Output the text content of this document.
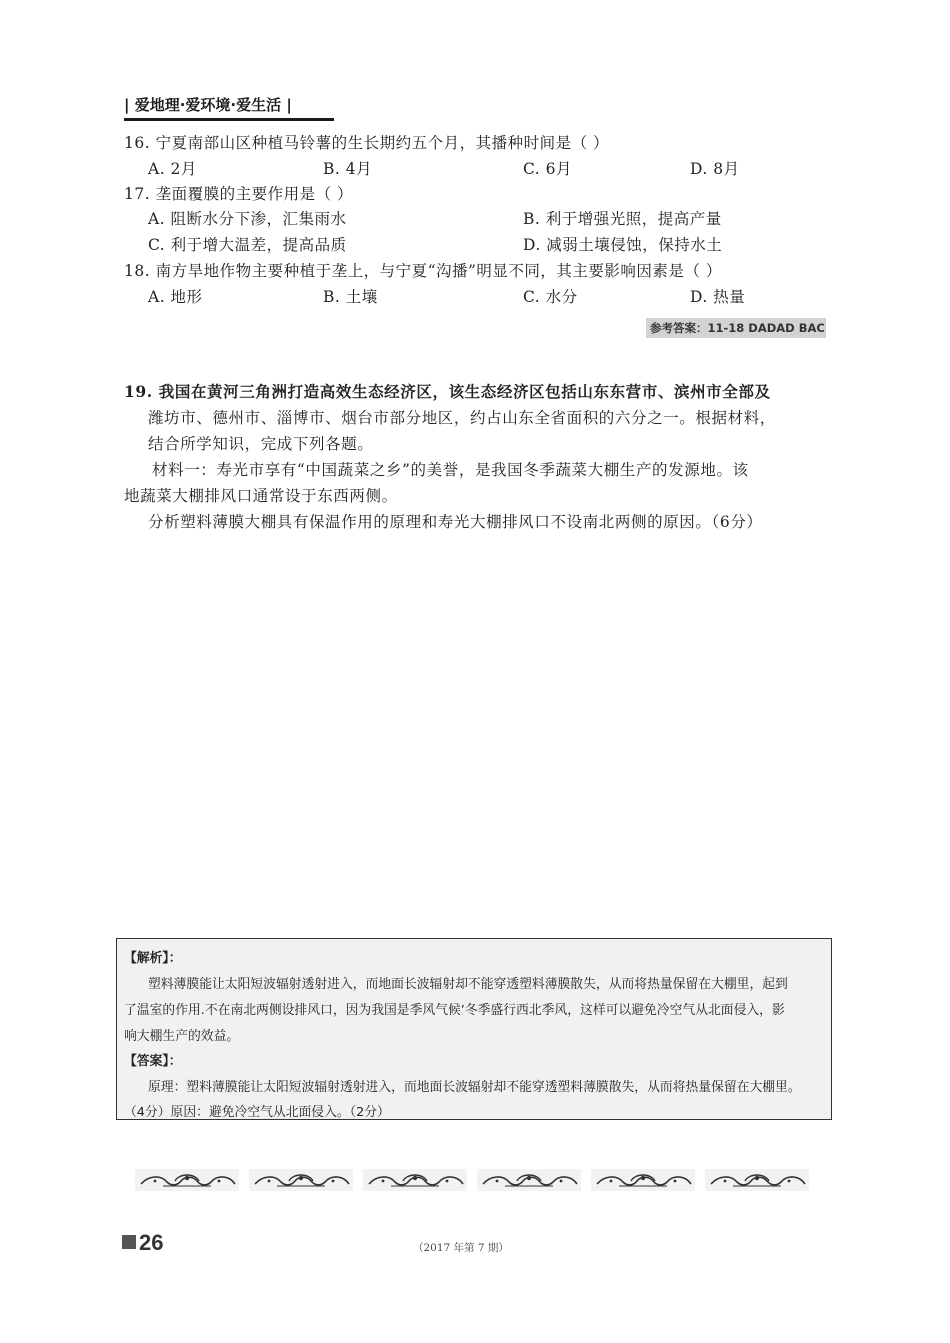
| 爱地理·爱环境·爱生活 |
16. 宁夏南部山区种植马铃薯的生长期约五个月，其播种时间是（ ）
A. 2月	B. 4月	C. 6月	D. 8月
17. 垄面覆膜的主要作用是（ ）
A. 阻断水分下渗，汇集雨水	B. 利于增强光照，提高产量
C. 利于增大温差，提高品质	D. 减弱土壤侵蚀，保持水土
18. 南方旱地作物主要种植于垄上，与宁夏“沟播”明显不同，其主要影响因素是（ ）
A. 地形	B. 土壤	C. 水分	D. 热量
参考答案：11-18 DADAD BAC
19. 我国在黄河三角洲打造高效生态经济区，该生态经济区包括山东东营市、滨州市全部及
潍坊市、德州市、淄博市、烟台市部分地区，约占山东全省面积的六分之一。根据材料，
结合所学知识，完成下列各题。
材料一：寿光市享有“中国蔬菜之乡”的美誉，是我国冬季蔬菜大棚生产的发源地。该
地蔬菜大棚排风口通常设于东西两侧。
分析塑料薄膜大棚具有保温作用的原理和寿光大棚排风口不设南北两侧的原因。（6分）
【解析】：
塑料薄膜能让太阳短波辐射透射进入，而地面长波辐射却不能穿透塑料薄膜散失，从而将热量保留在大棚里，起到
了温室的作用.不在南北两侧设排风口，因为我国是季风气候’冬季盛行西北季风，这样可以避免冷空气从北面侵入，影
响大棚生产的效益。
【答案】：
原理：塑料薄膜能让太阳短波辐射透射进入，而地面长波辐射却不能穿透塑料薄膜散失，从而将热量保留在大棚里。
（4分）原因：避免冷空气从北面侵入。（2分）
26	（2017 年第 7 期）
